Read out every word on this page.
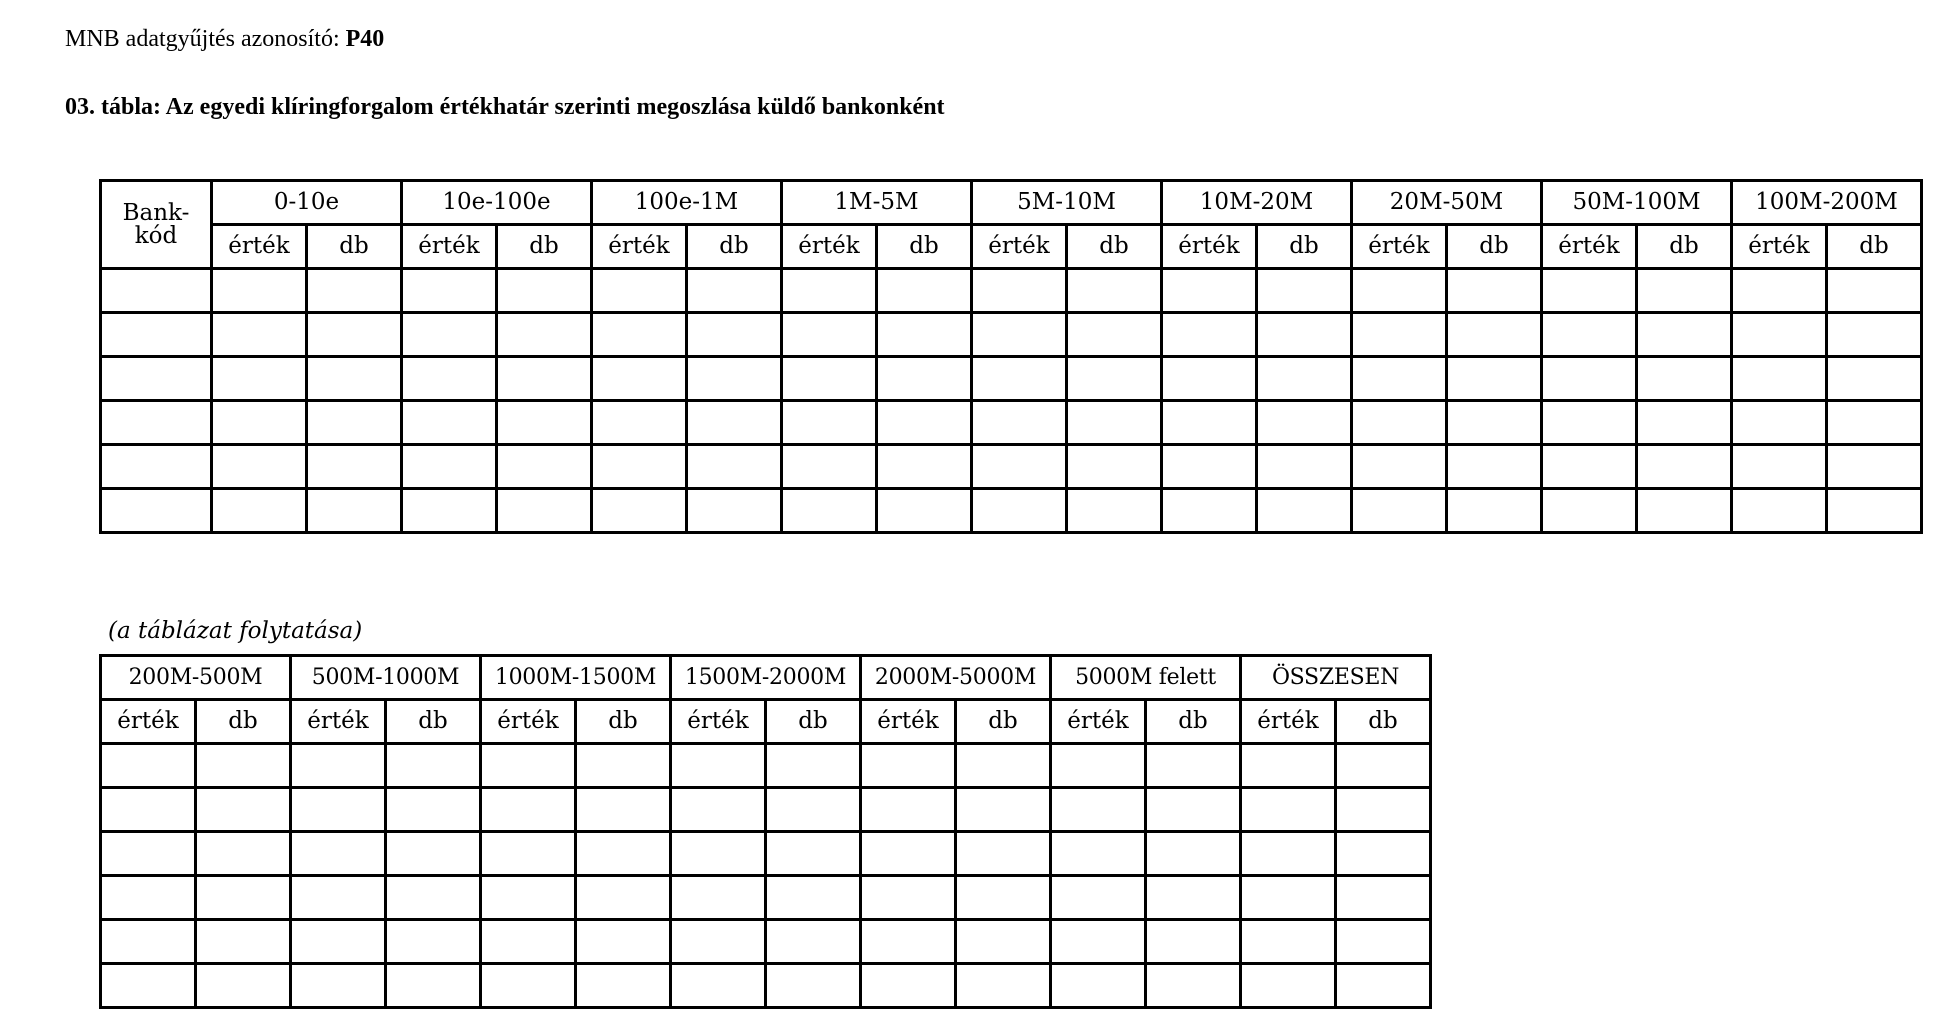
MNB adatgyűjtés azonosító: P40
03. tábla: Az egyedi klíringforgalom értékhatár szerinti megoszlása küldő bankonként
Bank-
kód	0-10e		10e-100e		100e-1M		1M-5M		5M-10M		10M-20M		20M-50M		50M-100M		100M-200M	
	érték	db	érték	db	érték	db	érték	db	érték	db	érték	db	érték	db	érték	db	érték	db

(a táblázat folytatása)
200M-500M		500M-1000M		1000M-1500M		1500M-2000M		2000M-5000M		5000M felett		ÖSSZESEN	
érték	db	érték	db	érték	db	érték	db	érték	db	érték	db	érték	db
